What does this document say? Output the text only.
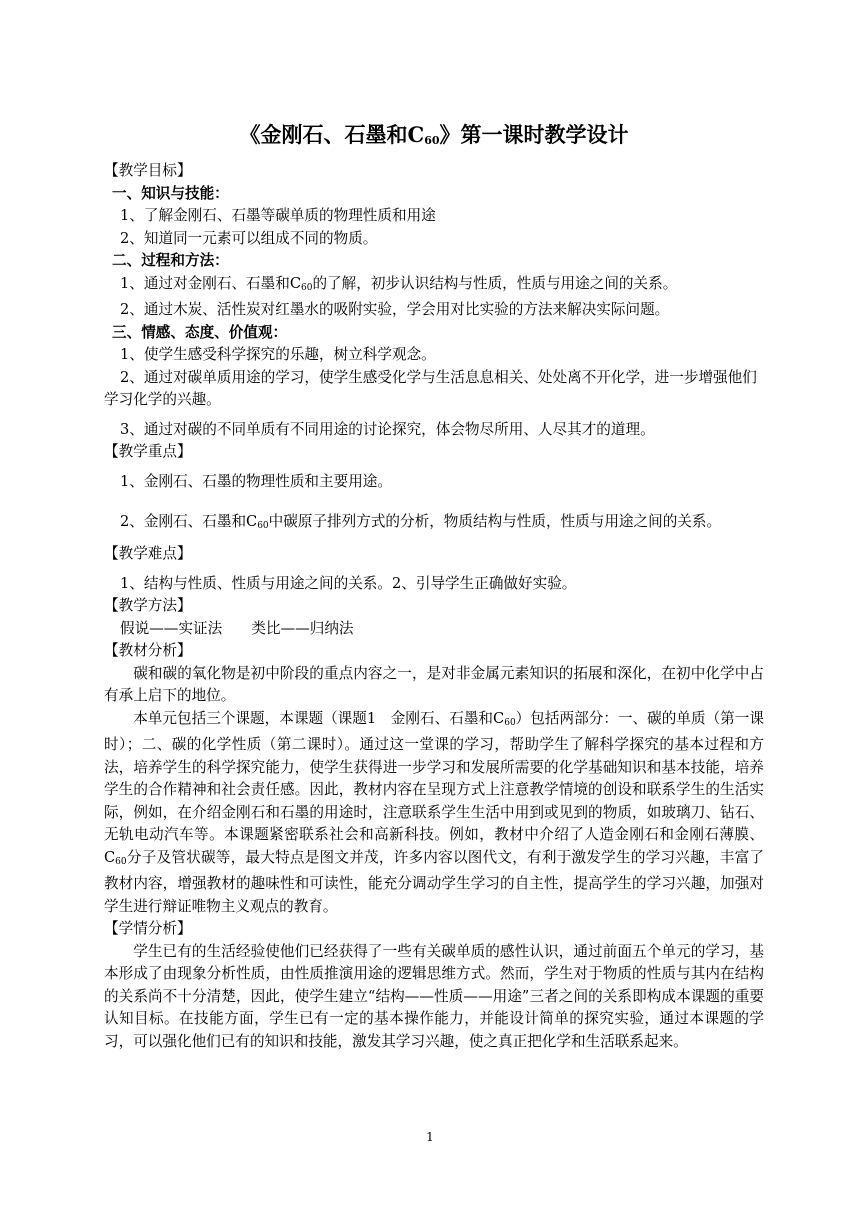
《金刚石、石墨和$C_{60}$》第一课时教学设计
【教学目标】
一、知识与技能：
1、了解金刚石、石墨等碳单质的物理性质和用途
2、知道同一元素可以组成不同的物质。
二、过程和方法：
1、通过对金刚石、石墨和$C_{60}$的了解，初步认识结构与性质，性质与用途之间的关系。
2、通过木炭、活性炭对红墨水的吸附实验，学会用对比实验的方法来解决实际问题。
三、情感、态度、价值观：
1、使学生感受科学探究的乐趣，树立科学观念。
2、通过对碳单质用途的学习，使学生感受化学与生活息息相关、处处离不开化学，进一步增强他们学习化学的兴趣。
3、通过对碳的不同单质有不同用途的讨论探究，体会物尽所用、人尽其才的道理。
【教学重点】
1、金刚石、石墨的物理性质和主要用途。
2、金刚石、石墨和$C_{60}$中碳原子排列方式的分析，物质结构与性质，性质与用途之间的关系。
【教学难点】
1、结构与性质、性质与用途之间的关系。2、引导学生正确做好实验。
【教学方法】
假说——实证法　　类比——归纳法
【教材分析】
碳和碳的氧化物是初中阶段的重点内容之一，是对非金属元素知识的拓展和深化，在初中化学中占有承上启下的地位。
本单元包括三个课题，本课题（课题1　金刚石、石墨和$C_{60}$）包括两部分：一、碳的单质（第一课时）；二、碳的化学性质（第二课时）。通过这一堂课的学习，帮助学生了解科学探究的基本过程和方法，培养学生的科学探究能力，使学生获得进一步学习和发展所需要的化学基础知识和基本技能，培养学生的合作精神和社会责任感。因此，教材内容在呈现方式上注意教学情境的创设和联系学生的生活实际，例如，在介绍金刚石和石墨的用途时，注意联系学生生活中用到或见到的物质，如玻璃刀、钻石、无轨电动汽车等。本课题紧密联系社会和高新科技。例如，教材中介绍了人造金刚石和金刚石薄膜、$C_{60}$分子及管状碳等，最大特点是图文并茂，许多内容以图代文，有利于激发学生的学习兴趣，丰富了教材内容，增强教材的趣味性和可读性，能充分调动学生学习的自主性，提高学生的学习兴趣，加强对学生进行辩证唯物主义观点的教育。
【学情分析】
学生已有的生活经验使他们已经获得了一些有关碳单质的感性认识，通过前面五个单元的学习，基本形成了由现象分析性质，由性质推演用途的逻辑思维方式。然而，学生对于物质的性质与其内在结构的关系尚不十分清楚，因此，使学生建立“结构——性质——用途”三者之间的关系即构成本课题的重要认知目标。在技能方面，学生已有一定的基本操作能力，并能设计简单的探究实验，通过本课题的学习，可以强化他们已有的知识和技能，激发其学习兴趣，使之真正把化学和生活联系起来。
1
